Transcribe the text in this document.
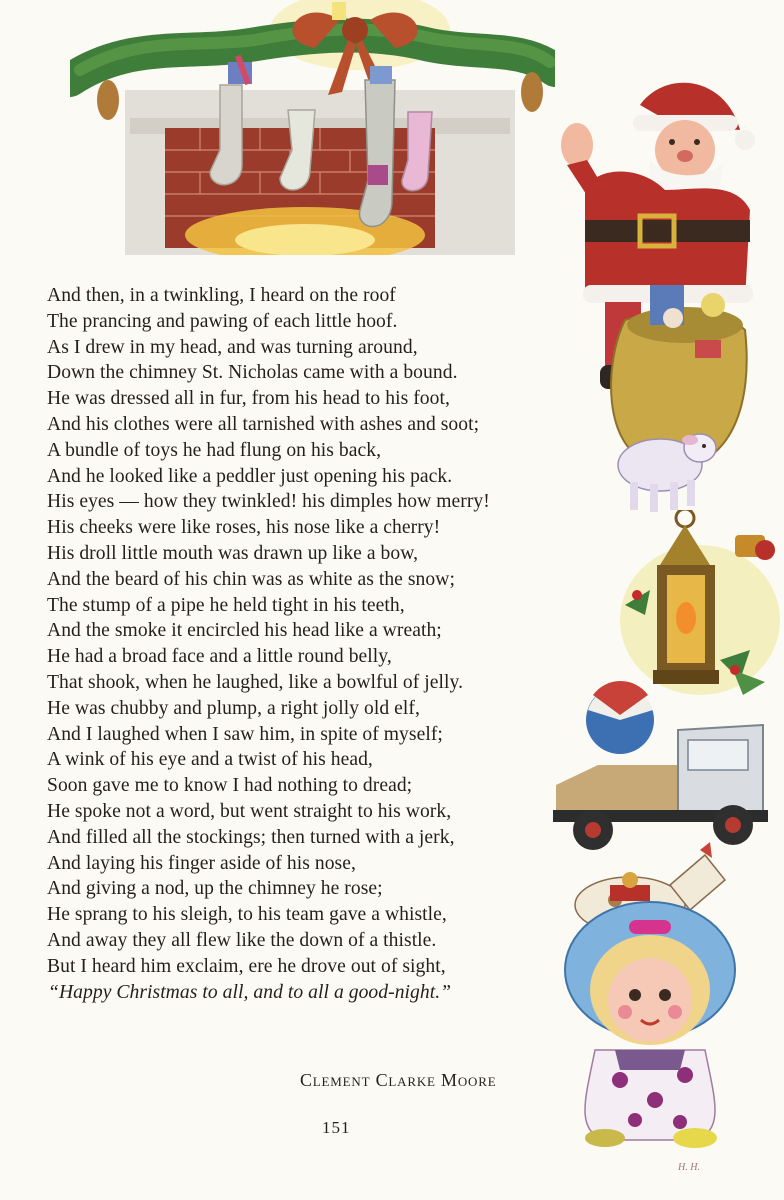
And then, in a twinkling, I heard on the roof
The prancing and pawing of each little hoof.
As I drew in my head, and was turning around,
Down the chimney St. Nicholas came with a bound.
He was dressed all in fur, from his head to his foot,
And his clothes were all tarnished with ashes and soot;
A bundle of toys he had flung on his back,
And he looked like a peddler just opening his pack.
His eyes — how they twinkled! his dimples how merry!
His cheeks were like roses, his nose like a cherry!
His droll little mouth was drawn up like a bow,
And the beard of his chin was as white as the snow;
The stump of a pipe he held tight in his teeth,
And the smoke it encircled his head like a wreath;
He had a broad face and a little round belly,
That shook, when he laughed, like a bowlful of jelly.
He was chubby and plump, a right jolly old elf,
And I laughed when I saw him, in spite of myself;
A wink of his eye and a twist of his head,
Soon gave me to know I had nothing to dread;
He spoke not a word, but went straight to his work,
And filled all the stockings; then turned with a jerk,
And laying his finger aside of his nose,
And giving a nod, up the chimney he rose;
He sprang to his sleigh, to his team gave a whistle,
And away they all flew like the down of a thistle.
But I heard him exclaim, ere he drove out of sight,
“Happy Christmas to all, and to all a good-night.”
Clement Clarke Moore
151
H. H.
